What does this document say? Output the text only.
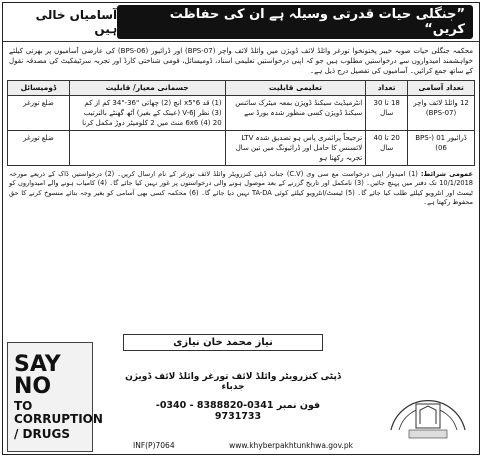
آسامیاں خالی ہیں
”جنگلی حیات قدرتی وسیلہ ہے ان کی حفاظت کریں“
محکمہ جنگلی حیات صوبہ خیبر پختونخوا تورغر وائلڈ لائف ڈویژن میں وائلڈ لائف واچر (BPS-07) اور ڈرائیور (BPS-06) کی عارضی آسامیوں پر بھرتی کیلئے خواہشمند امیدواروں سے درخواستیں مطلوب ہیں جو کہ اپنی درخواستیں تعلیمی اسناد، ڈومیسائل، قومی شناختی کارڈ اور تجربہ سرٹیفکیٹ کی مصدقہ نقول کے ساتھ جمع کرائیں۔ آسامیوں کی تفصیل درج ذیل ہے۔
تعداد آسامی	تعداد	تعلیمی قابلیت	جسمانی معیار/ قابلیت	ڈومیسائل
12 وائلڈ لائف واچر (BPS-07)	18 تا 30 سال	انٹرمیڈیٹ سیکنڈ ڈویژن بمعہ میٹرک سائنس سیکنڈ ڈویژن کسی منظور شدہ بورڈ سے	(1) قد 6"x5 انچ (2) چھاتی "36-"34 کم از کم (3) نظر V-6J (عینک کے بغیر) آٹھ گھنٹے بالترتیب 6x6 (4) 20 منٹ میں 2 کلومیٹر دوڑ مکمل کرنا	ضلع تورغر
ڈرائیور 01 (BPS-06)	20 تا 40 سال	ترجیحاً پرائمری پاس ہو تصدیق شدہ LTV لائسنس کا حامل اور ڈرائیونگ میں تین سال تجربہ رکھتا ہو		ضلع تورغر
عمومی شرائط: (1) امیدوار اپنی درخواست مع سی وی (C.V) جناب ڈپٹی کنزرویٹر وائلڈ لائف تورغر کے نام ارسال کریں۔ (2) درخواستیں ڈاک کے ذریعے مورخہ 10/1/2018 تک دفتر میں پہنچ جائیں۔ (3) نامکمل اور تاریخ گزرنے کے بعد موصول ہونے والی درخواستوں پر غور نہیں کیا جائے گا۔ (4) کامیاب ہونے والے امیدواروں کو ٹیسٹ اور انٹرویو کیلئے طلب کیا جائے گا۔ (5) ٹیسٹ/انٹرویو کیلئے کوئی TA-DA نہیں دیا جائے گا۔ (6) محکمہ کسی بھی آسامی کو بغیر وجہ بتائے منسوخ کرنے کا حق محفوظ رکھتا ہے۔
SAY NO
TO CORRUPTION
/ DRUGS
نیاز محمد خان نیازی
ڈپٹی کنزرویٹر وائلڈ لائف تورغر وائلڈ لائف ڈویژن جدباء
فون نمبر 0341-8388820 - 0340-9731733
INF(P)7064	www.khyberpakhtunkhwa.gov.pk
